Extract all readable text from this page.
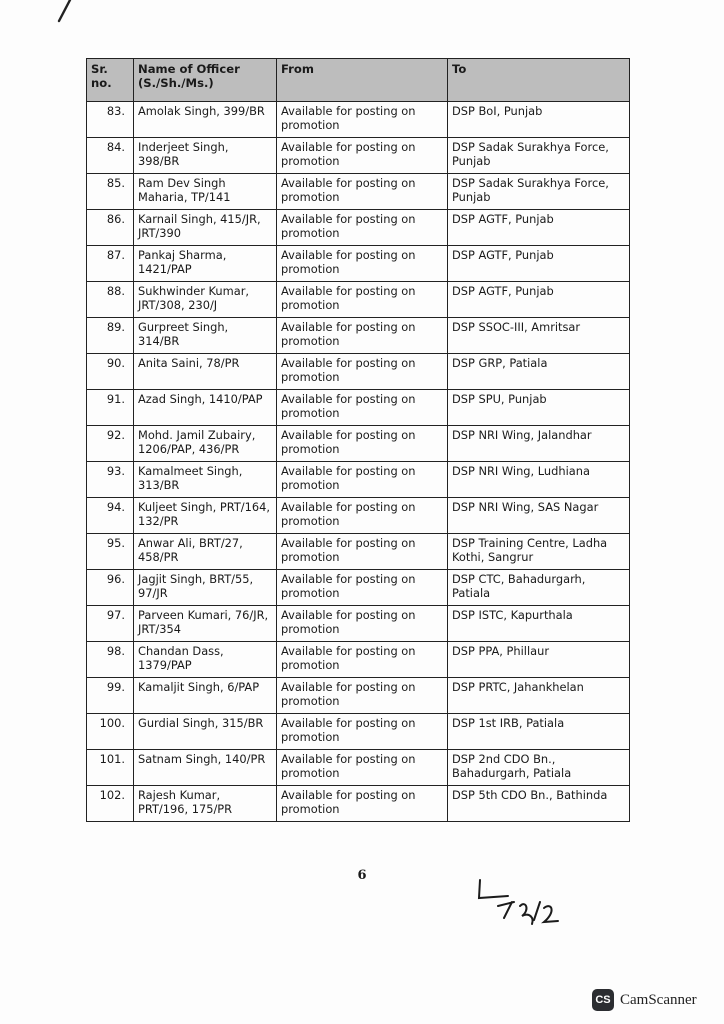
Sr. no.	Name of Officer (S./Sh./Ms.)	From	To
83.	Amolak Singh, 399/BR	Available for posting on promotion	DSP BoI, Punjab
84.	Inderjeet Singh, 398/BR	Available for posting on promotion	DSP Sadak Surakhya Force, Punjab
85.	Ram Dev Singh Maharia, TP/141	Available for posting on promotion	DSP Sadak Surakhya Force, Punjab
86.	Karnail Singh, 415/JR, JRT/390	Available for posting on promotion	DSP AGTF, Punjab
87.	Pankaj Sharma, 1421/PAP	Available for posting on promotion	DSP AGTF, Punjab
88.	Sukhwinder Kumar, JRT/308, 230/J	Available for posting on promotion	DSP AGTF, Punjab
89.	Gurpreet Singh, 314/BR	Available for posting on promotion	DSP SSOC-III, Amritsar
90.	Anita Saini, 78/PR	Available for posting on promotion	DSP GRP, Patiala
91.	Azad Singh, 1410/PAP	Available for posting on promotion	DSP SPU, Punjab
92.	Mohd. Jamil Zubairy, 1206/PAP, 436/PR	Available for posting on promotion	DSP NRI Wing, Jalandhar
93.	Kamalmeet Singh, 313/BR	Available for posting on promotion	DSP NRI Wing, Ludhiana
94.	Kuljeet Singh, PRT/164, 132/PR	Available for posting on promotion	DSP NRI Wing, SAS Nagar
95.	Anwar Ali, BRT/27, 458/PR	Available for posting on promotion	DSP Training Centre, Ladha Kothi, Sangrur
96.	Jagjit Singh, BRT/55, 97/JR	Available for posting on promotion	DSP CTC, Bahadurgarh, Patiala
97.	Parveen Kumari, 76/JR, JRT/354	Available for posting on promotion	DSP ISTC, Kapurthala
98.	Chandan Dass, 1379/PAP	Available for posting on promotion	DSP PPA, Phillaur
99.	Kamaljit Singh, 6/PAP	Available for posting on promotion	DSP PRTC, Jahankhelan
100.	Gurdial Singh, 315/BR	Available for posting on promotion	DSP 1st IRB, Patiala
101.	Satnam Singh, 140/PR	Available for posting on promotion	DSP 2nd CDO Bn., Bahadurgarh, Patiala
102.	Rajesh Kumar, PRT/196, 175/PR	Available for posting on promotion	DSP 5th CDO Bn., Bathinda
6
CS CamScanner
